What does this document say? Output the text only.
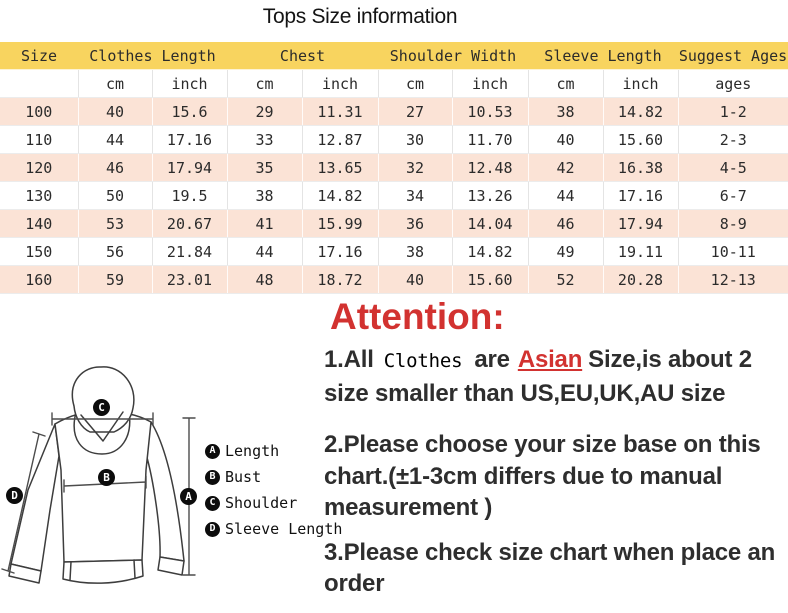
Tops Size information
Size	Clothes Length		Chest		Shoulder Width		Sleeve Length		Suggest Ages
	cm	inch	cm	inch	cm	inch	cm	inch	ages
100	40	15.6	29	11.31	27	10.53	38	14.82	1-2
110	44	17.16	33	12.87	30	11.70	40	15.60	2-3
120	46	17.94	35	13.65	32	12.48	42	16.38	4-5
130	50	19.5	38	14.82	34	13.26	44	17.16	6-7
140	53	20.67	41	15.99	36	14.04	46	17.94	8-9
150	56	21.84	44	17.16	38	14.82	49	19.11	10-11
160	59	23.01	48	18.72	40	15.60	52	20.28	12-13
A
B
C
D
A Length
B Bust
C Shoulder
D Sleeve Length
Attention:

1.All Clothes are Asian Size,is about 2 size smaller than US,EU,UK,AU size

2.Please choose your size base on this chart.(±1-3cm differs due to manual measurement )

3.Please check size chart when place an order
